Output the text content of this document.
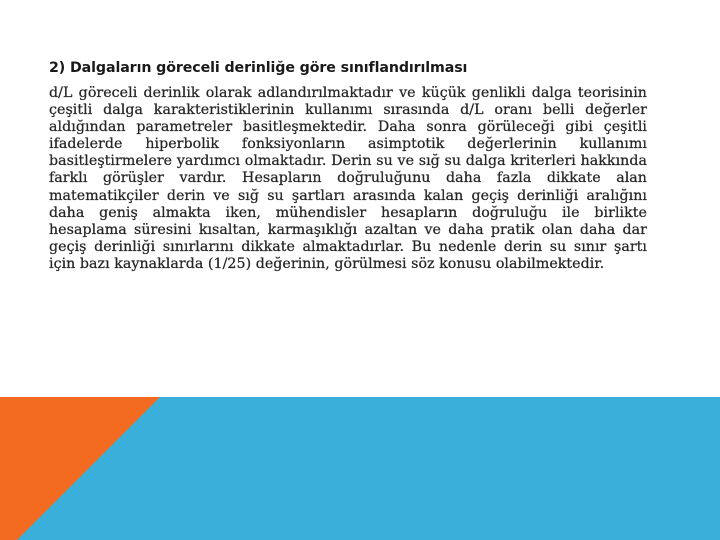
2) Dalgaların göreceli derinliğe göre sınıflandırılması

d/L göreceli derinlik olarak adlandırılmaktadır ve küçük genlikli dalga teorisinin çeşitli dalga karakteristiklerinin kullanımı sırasında d/L oranı belli değerler aldığından parametreler basitleşmektedir. Daha sonra görüleceği gibi çeşitli ifadelerde hiperbolik fonksiyonların asimptotik değerlerinin kullanımı basitleştirmelere yardımcı olmaktadır. Derin su ve sığ su dalga kriterleri hakkında farklı görüşler vardır. Hesapların doğruluğunu daha fazla dikkate alan matematikçiler derin ve sığ su şartları arasında kalan geçiş derinliği aralığını daha geniş almakta iken, mühendisler hesapların doğruluğu ile birlikte hesaplama süresini kısaltan, karmaşıklığı azaltan ve daha pratik olan daha dar geçiş derinliği sınırlarını dikkate almaktadırlar. Bu nedenle derin su sınır şartı için bazı kaynaklarda (1/25) değerinin, görülmesi söz konusu olabilmektedir.
